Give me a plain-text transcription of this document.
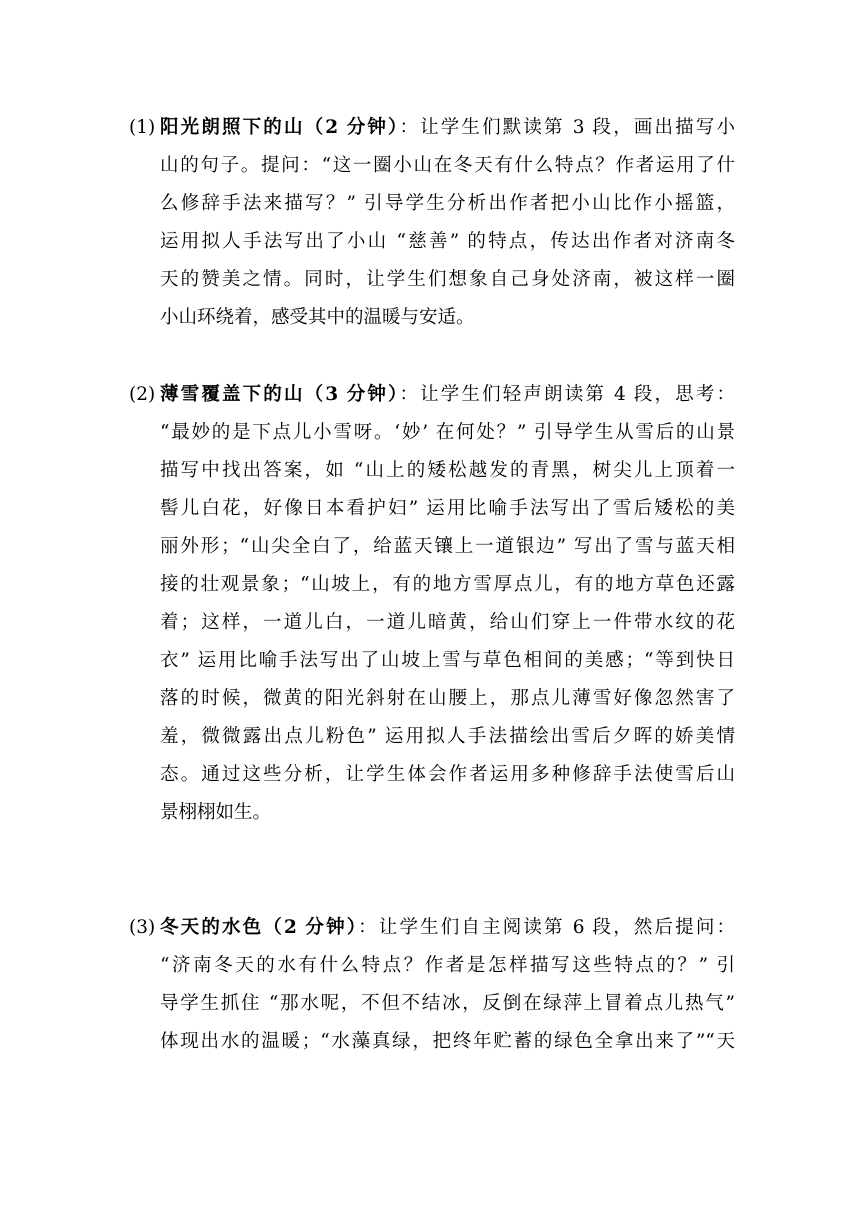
(1) 阳光朗照下的山（2 分钟）：让学生们默读第 3 段，画出描写小
山的句子。提问：“这一圈小山在冬天有什么特点？作者运用了什
么修辞手法来描写？” 引导学生分析出作者把小山比作小摇篮，
运用拟人手法写出了小山 “慈善” 的特点，传达出作者对济南冬
天的赞美之情。同时，让学生们想象自己身处济南，被这样一圈
小山环绕着，感受其中的温暖与安适。
(2) 薄雪覆盖下的山（3 分钟）：让学生们轻声朗读第 4 段，思考：
“最妙的是下点儿小雪呀。‘妙’ 在何处？” 引导学生从雪后的山景
描写中找出答案，如 “山上的矮松越发的青黑，树尖儿上顶着一
髻儿白花，好像日本看护妇” 运用比喻手法写出了雪后矮松的美
丽外形；“山尖全白了，给蓝天镶上一道银边” 写出了雪与蓝天相
接的壮观景象；“山坡上，有的地方雪厚点儿，有的地方草色还露
着；这样，一道儿白，一道儿暗黄，给山们穿上一件带水纹的花
衣” 运用比喻手法写出了山坡上雪与草色相间的美感；“等到快日
落的时候，微黄的阳光斜射在山腰上，那点儿薄雪好像忽然害了
羞，微微露出点儿粉色” 运用拟人手法描绘出雪后夕晖的娇美情
态。通过这些分析，让学生体会作者运用多种修辞手法使雪后山
景栩栩如生。
(3) 冬天的水色（2 分钟）：让学生们自主阅读第 6 段，然后提问：
“济南冬天的水有什么特点？作者是怎样描写这些特点的？” 引
导学生抓住 “那水呢，不但不结冰，反倒在绿萍上冒着点儿热气”
体现出水的温暖；“水藻真绿，把终年贮蓄的绿色全拿出来了”“天
